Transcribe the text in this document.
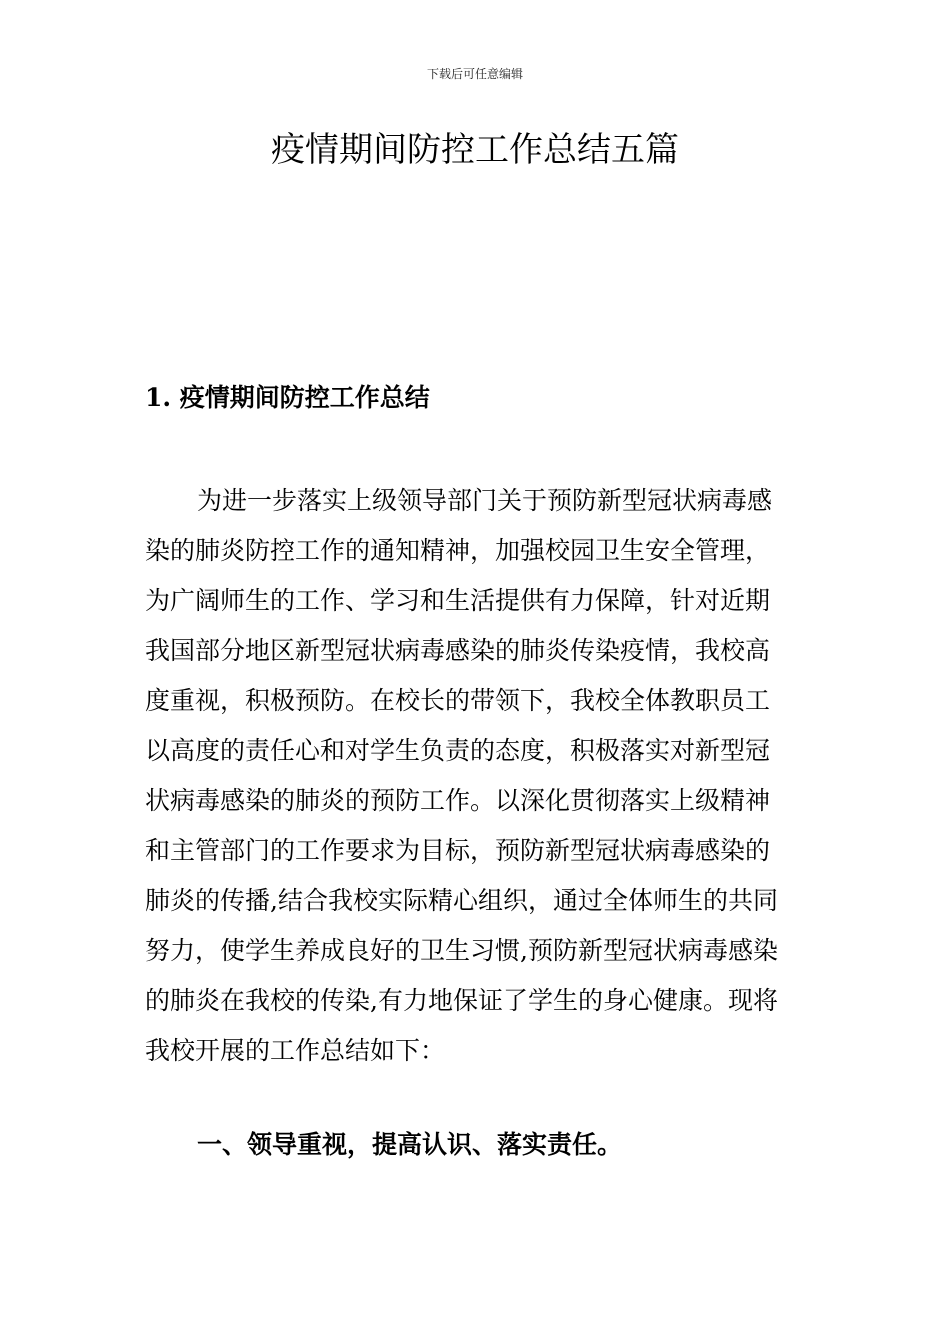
下载后可任意编辑
疫情期间防控工作总结五篇
1. 疫情期间防控工作总结
为进一步落实上级领导部门关于预防新型冠状病毒感
染的肺炎防控工作的通知精神，加强校园卫生安全管理，
为广阔师生的工作、学习和生活提供有力保障，针对近期
我国部分地区新型冠状病毒感染的肺炎传染疫情，我校高
度重视，积极预防。在校长的带领下，我校全体教职员工
以高度的责任心和对学生负责的态度，积极落实对新型冠
状病毒感染的肺炎的预防工作。以深化贯彻落实上级精神
和主管部门的工作要求为目标，预防新型冠状病毒感染的
肺炎的传播,结合我校实际精心组织，通过全体师生的共同
努力，使学生养成良好的卫生习惯,预防新型冠状病毒感染
的肺炎在我校的传染,有力地保证了学生的身心健康。现将
我校开展的工作总结如下：
一、领导重视，提高认识、落实责任。
